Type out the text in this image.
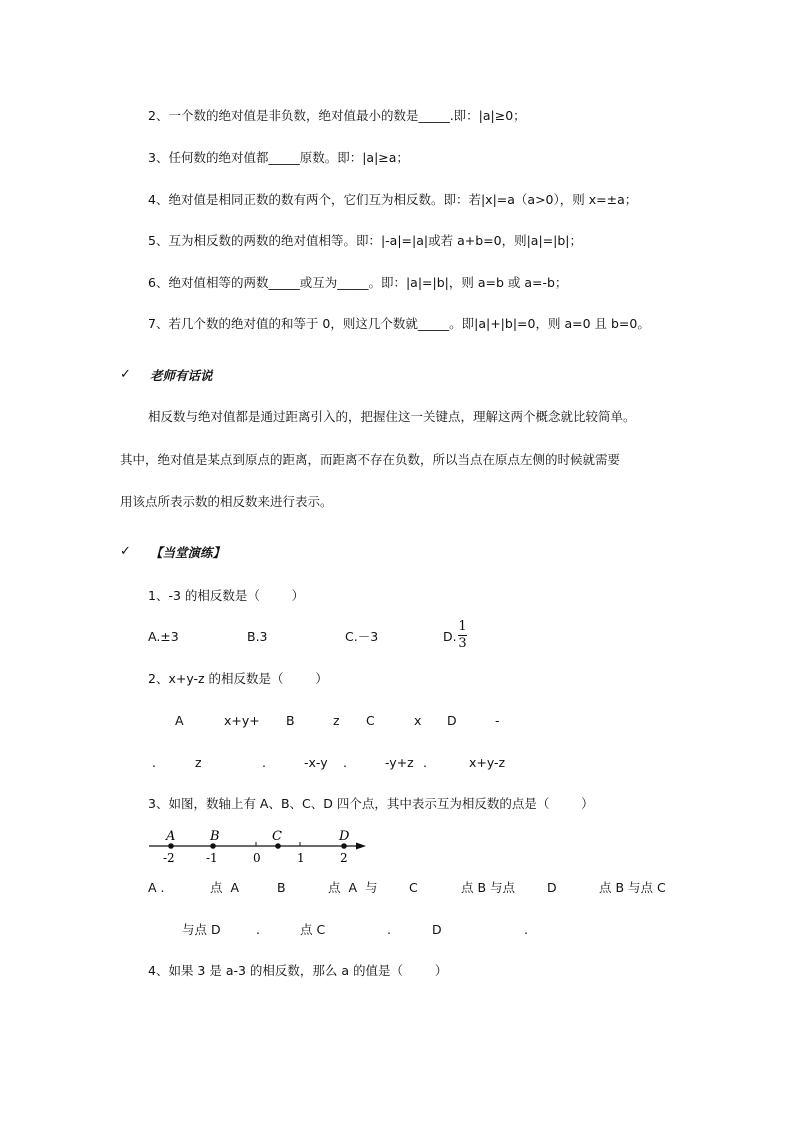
2、一个数的绝对值是非负数，绝对值最小的数是_____.即：|a|≥0；
3、任何数的绝对值都_____原数。即：|a|≥a；
4、绝对值是相同正数的数有两个，它们互为相反数。即：若|x|=a（a>0），则 x=±a；
5、互为相反数的两数的绝对值相等。即：|-a|=|a|或若 a+b=0，则|a|=|b|；
6、绝对值相等的两数_____或互为_____。即：|a|=|b|，则 a=b 或 a=-b；
7、若几个数的绝对值的和等于 0，则这几个数就_____。即|a|+|b|=0，则 a=0 且 b=0。
✓ 老师有话说
相反数与绝对值都是通过距离引入的，把握住这一关键点，理解这两个概念就比较简单。
其中，绝对值是某点到原点的距离，而距离不存在负数，所以当点在原点左侧的时候就需要
用该点所表示数的相反数来进行表示。
✓ 【当堂演练】
1、-3 的相反数是（        ）
A.±3	B.3	C.－3	D.
1
3
2、x+y-z 的相反数是（        ）
A	x+y+ B	z C	x D	-
.	z	.	-x-y .	-y+z .	x+y-z
3、如图，数轴上有 A、B、C、D 四个点，其中表示互为相反数的点是（        ）
A	B	C	D
-2	-1	0	1	2
A .	点  A	B	点  A  与	C	点 B 与点	D	点 B 与点 C
与点 D	.	点 C	.	D	.
4、如果 3 是 a-3 的相反数，那么 a 的值是（        ）
